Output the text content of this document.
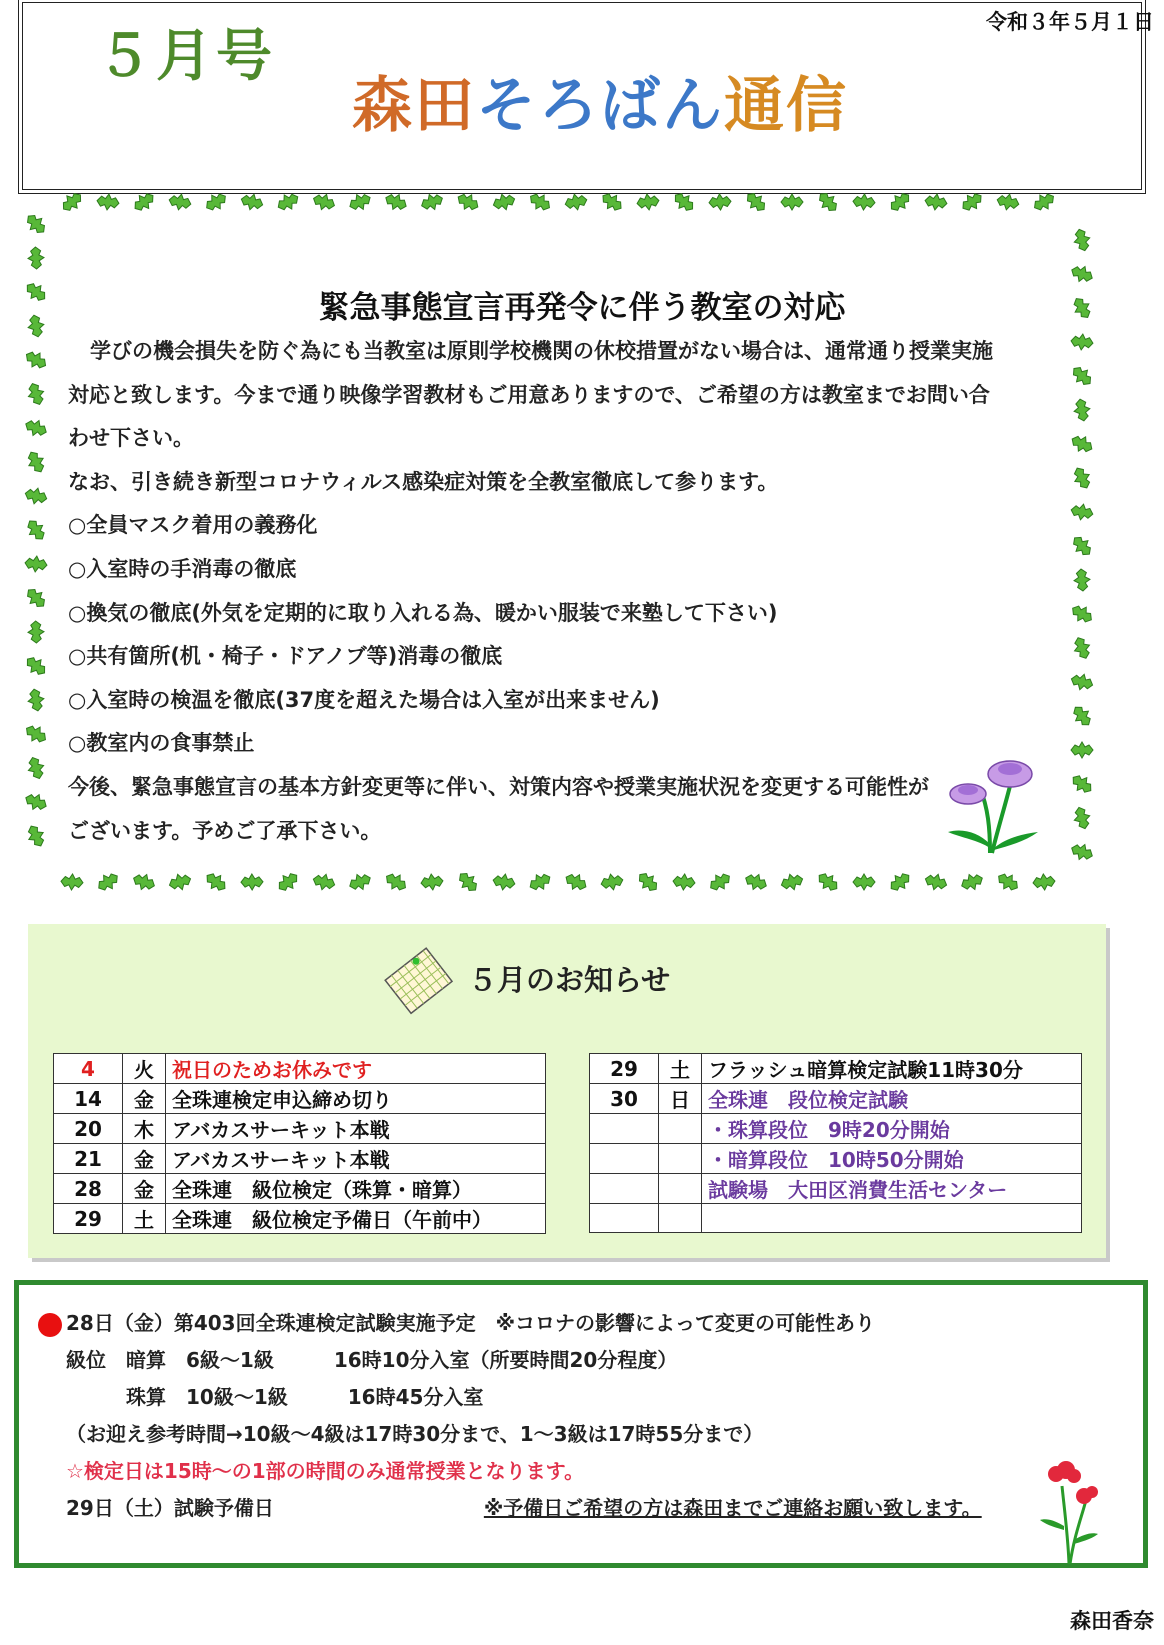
５月号
令和３年５月１日
森田香奈
森田そろばん通信
緊急事態宣言再発令に伴う教室の対応

学びの機会損失を防ぐ為にも当教室は原則学校機関の休校措置がない場合は、通常通り授業実施

対応と致します。今まで通り映像学習教材もご用意ありますので、ご希望の方は教室までお問い合

わせ下さい。

なお、引き続き新型コロナウィルス感染症対策を全教室徹底して参ります。

○全員マスク着用の義務化

○入室時の手消毒の徹底

○換気の徹底(外気を定期的に取り入れる為、暖かい服装で来塾して下さい)

○共有箇所(机・椅子・ドアノブ等)消毒の徹底

○入室時の検温を徹底(37度を超えた場合は入室が出来ません)

○教室内の食事禁止

今後、緊急事態宣言の基本方針変更等に伴い、対策内容や授業実施状況を変更する可能性が

ございます。予めご了承下さい。

５月のお知らせ
4	火	祝日のためお休みです
14	金	全珠連検定申込締め切り
20	木	アバカスサーキット本戦
21	金	アバカスサーキット本戦
28	金	全珠連　級位検定（珠算・暗算）
29	土	全珠連　級位検定予備日（午前中）
29	土	フラッシュ暗算検定試験11時30分
30	日	全珠連　段位検定試験
		・珠算段位　9時20分開始
		・暗算段位　10時50分開始
		試験場　大田区消費生活センター

28日（金）第403回全珠連検定試験実施予定　※コロナの影響によって変更の可能性あり

級位　暗算　6級～1級　　　16時10分入室（所要時間20分程度）

　　　珠算　10級～1級　　　16時45分入室

（お迎え参考時間→10級～4級は17時30分まで、1～3級は17時55分まで）

☆検定日は15時～の1部の時間のみ通常授業となります。

29日（土）試験予備日	※予備日ご希望の方は森田までご連絡お願い致します。
